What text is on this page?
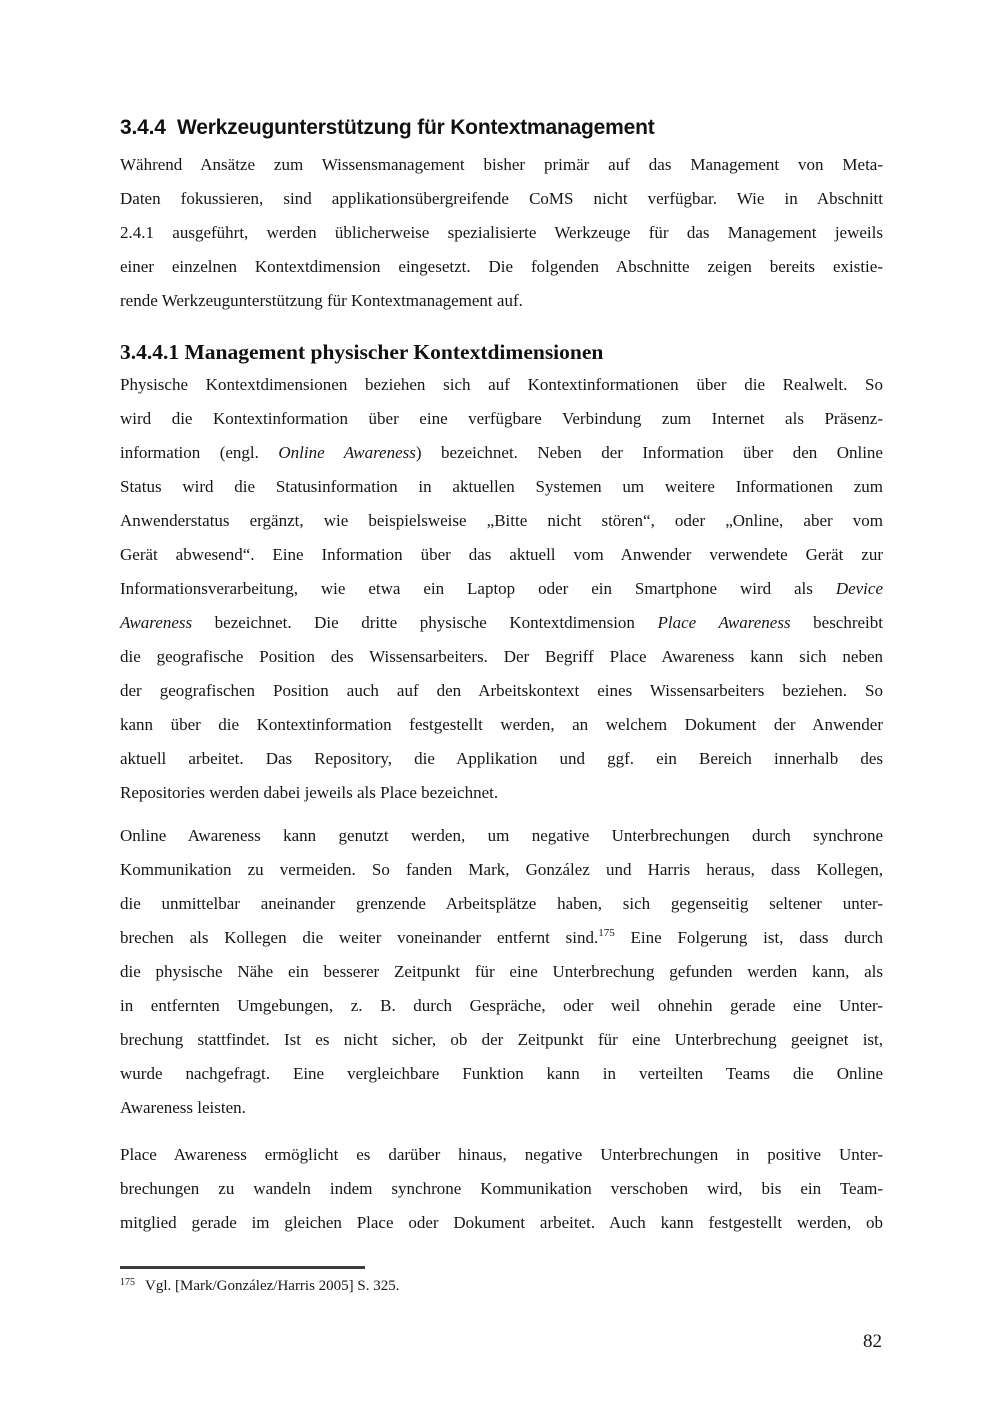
3.4.4  Werkzeugunterstützung für Kontextmanagement
Während Ansätze zum Wissensmanagement bisher primär auf das Management von Meta-
Daten fokussieren, sind applikationsübergreifende CoMS nicht verfügbar. Wie in Abschnitt
2.4.1 ausgeführt, werden üblicherweise spezialisierte Werkzeuge für das Management jeweils
einer einzelnen Kontextdimension eingesetzt. Die folgenden Abschnitte zeigen bereits existie-
rende Werkzeugunterstützung für Kontextmanagement auf.
3.4.4.1 Management physischer Kontextdimensionen
Physische Kontextdimensionen beziehen sich auf Kontextinformationen über die Realwelt. So
wird die Kontextinformation über eine verfügbare Verbindung zum Internet als Präsenz-
information (engl. Online Awareness) bezeichnet. Neben der Information über den Online
Status wird die Statusinformation in aktuellen Systemen um weitere Informationen zum
Anwenderstatus ergänzt, wie beispielsweise „Bitte nicht stören“, oder „Online, aber vom
Gerät abwesend“. Eine Information über das aktuell vom Anwender verwendete Gerät zur
Informationsverarbeitung, wie etwa ein Laptop oder ein Smartphone wird als Device
Awareness bezeichnet. Die dritte physische Kontextdimension Place Awareness beschreibt
die geografische Position des Wissensarbeiters. Der Begriff Place Awareness kann sich neben
der geografischen Position auch auf den Arbeitskontext eines Wissensarbeiters beziehen. So
kann über die Kontextinformation festgestellt werden, an welchem Dokument der Anwender
aktuell arbeitet. Das Repository, die Applikation und ggf. ein Bereich innerhalb des
Repositories werden dabei jeweils als Place bezeichnet.
Online Awareness kann genutzt werden, um negative Unterbrechungen durch synchrone
Kommunikation zu vermeiden. So fanden Mark, González und Harris heraus, dass Kollegen,
die unmittelbar aneinander grenzende Arbeitsplätze haben, sich gegenseitig seltener unter-
brechen als Kollegen die weiter voneinander entfernt sind.$^{175}$ Eine Folgerung ist, dass durch
die physische Nähe ein besserer Zeitpunkt für eine Unterbrechung gefunden werden kann, als
in entfernten Umgebungen, z. B. durch Gespräche, oder weil ohnehin gerade eine Unter-
brechung stattfindet. Ist es nicht sicher, ob der Zeitpunkt für eine Unterbrechung geeignet ist,
wurde nachgefragt. Eine vergleichbare Funktion kann in verteilten Teams die Online
Awareness leisten.
Place Awareness ermöglicht es darüber hinaus, negative Unterbrechungen in positive Unter-
brechungen zu wandeln indem synchrone Kommunikation verschoben wird, bis ein Team-
mitglied gerade im gleichen Place oder Dokument arbeitet. Auch kann festgestellt werden, ob
$^{175}$ Vgl. [Mark/González/Harris 2005] S. 325.
82
